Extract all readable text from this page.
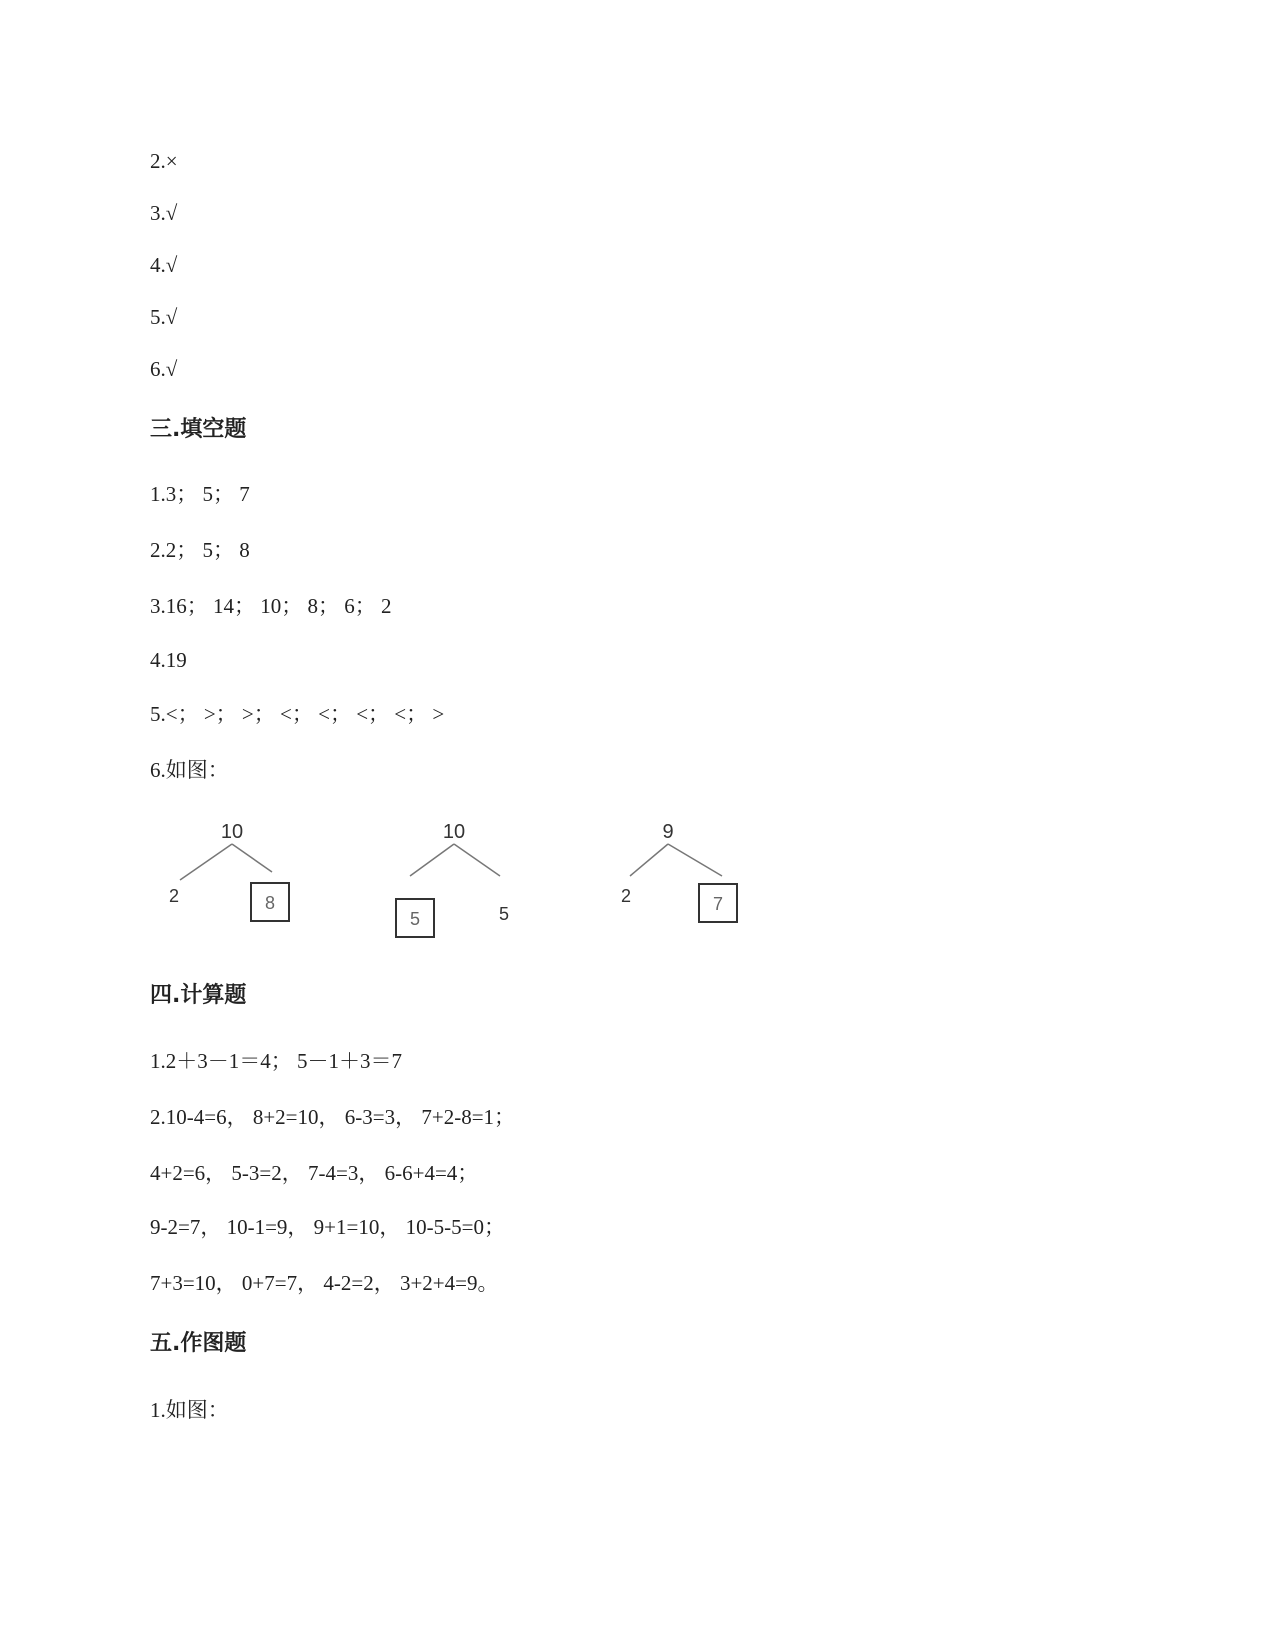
2.×
3.√
4.√
5.√
6.√
三.填空题
1.3； 5； 7
2.2； 5； 8
3.16； 14； 10； 8； 6； 2
4.19
5.<； >； >； <； <； <； <； >
6.如图：
10
2	8
10
5	5
9
2	7
四.计算题
1.2＋3－1＝4； 5－1＋3＝7
2.10-4=6， 8+2=10， 6-3=3， 7+2-8=1；
4+2=6， 5-3=2， 7-4=3， 6-6+4=4；
9-2=7， 10-1=9， 9+1=10， 10-5-5=0；
7+3=10， 0+7=7， 4-2=2， 3+2+4=9。
五.作图题
1.如图：
